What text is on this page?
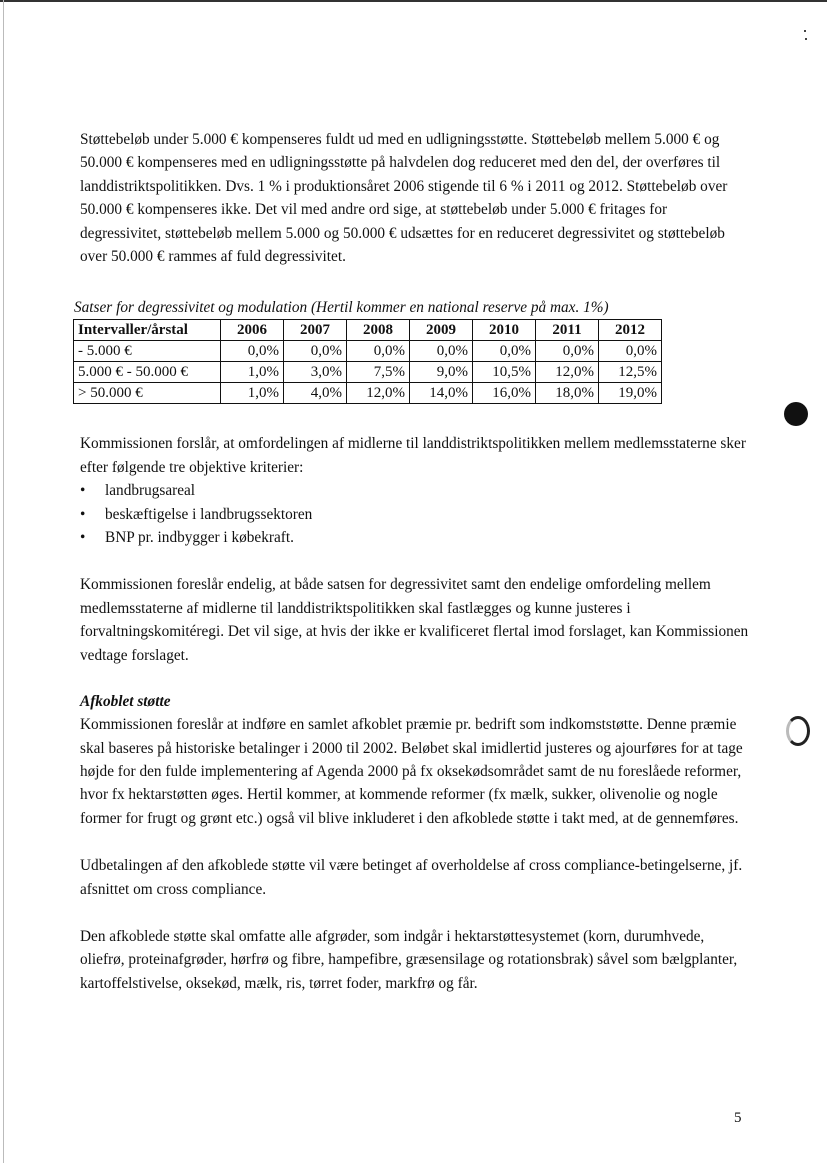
Støttebeløb under 5.000 € kompenseres fuldt ud med en udligningsstøtte. Støttebeløb mellem 5.000 € og 50.000 € kompenseres med en udligningsstøtte på halvdelen dog reduceret med den del, der overføres til landdistriktspolitikken. Dvs. 1 % i produktionsåret 2006 stigende til 6 % i 2011 og 2012. Støttebeløb over 50.000 € kompenseres ikke. Det vil med andre ord sige, at støttebeløb under 5.000 € fritages for degressivitet, støttebeløb mellem 5.000 og 50.000 € udsættes for en reduceret degressivitet og støttebeløb over 50.000 € rammes af fuld degressivitet.

Satser for degressivitet og modulation (Hertil kommer en national reserve på max. 1%)
Intervaller/årstal	2006	2007	2008	2009	2010	2011	2012
- 5.000 €	0,0%	0,0%	0,0%	0,0%	0,0%	0,0%	0,0%
5.000 € - 50.000 €	1,0%	3,0%	7,5%	9,0%	10,5%	12,0%	12,5%
> 50.000 €	1,0%	4,0%	12,0%	14,0%	16,0%	18,0%	19,0%

Kommissionen forslår, at omfordelingen af midlerne til landdistriktspolitikken mellem medlemsstaterne sker efter følgende tre objektive kriterier:

• landbrugsareal
• beskæftigelse i landbrugssektoren
• BNP pr. indbygger i købekraft.

Kommissionen foreslår endelig, at både satsen for degressivitet samt den endelige omfordeling mellem medlemsstaterne af midlerne til landdistriktspolitikken skal fastlægges og kunne justeres i forvaltningskomitéregi. Det vil sige, at hvis der ikke er kvalificeret flertal imod forslaget, kan Kommissionen vedtage forslaget.

Afkoblet støtte

Kommissionen foreslår at indføre en samlet afkoblet præmie pr. bedrift som indkomststøtte. Denne præmie skal baseres på historiske betalinger i 2000 til 2002. Beløbet skal imidlertid justeres og ajourføres for at tage højde for den fulde implementering af Agenda 2000 på fx oksekødsområdet samt de nu foreslåede reformer, hvor fx hektarstøtten øges. Hertil kommer, at kommende reformer (fx mælk, sukker, olivenolie og nogle former for frugt og grønt etc.) også vil blive inkluderet i den afkoblede støtte i takt med, at de gennemføres.

Udbetalingen af den afkoblede støtte vil være betinget af overholdelse af cross compliance-betingelserne, jf. afsnittet om cross compliance.

Den afkoblede støtte skal omfatte alle afgrøder, som indgår i hektarstøttesystemet (korn, durumhvede, oliefrø, proteinafgrøder, hørfrø og fibre, hampefibre, græsensilage og rotationsbrak) såvel som bælgplanter, kartoffelstivelse, oksekød, mælk, ris, tørret foder, markfrø og får.

5
